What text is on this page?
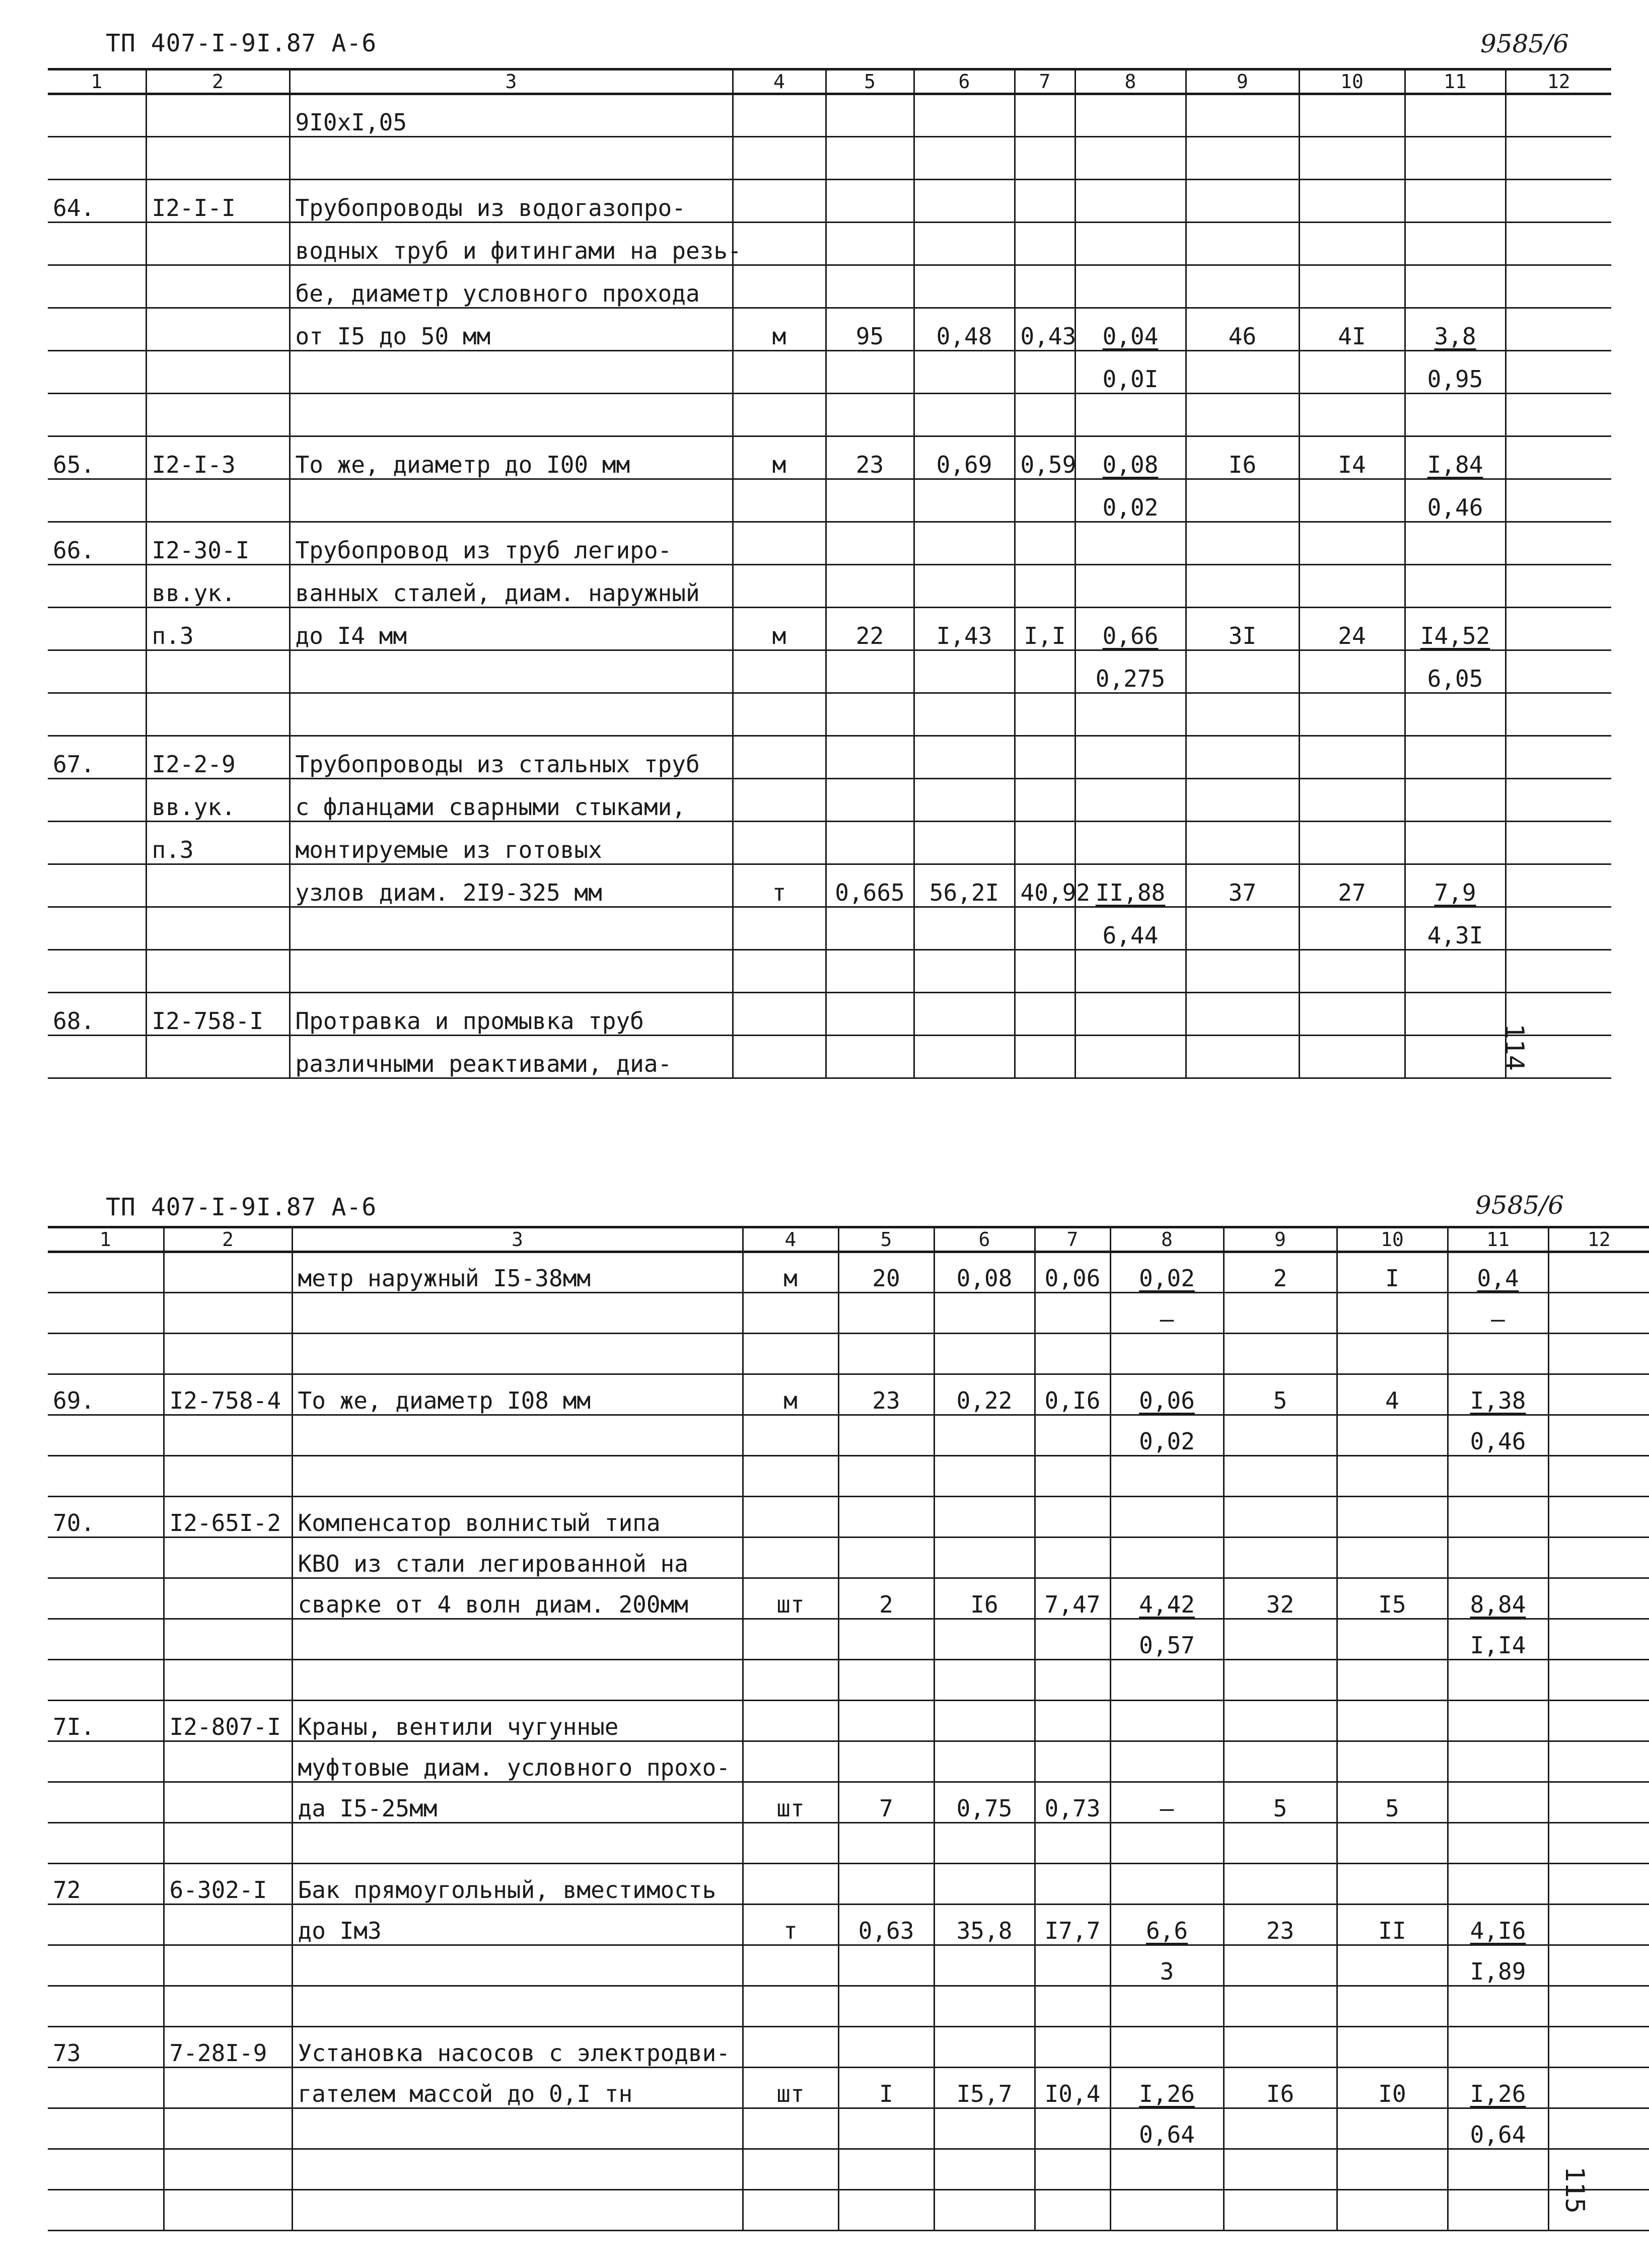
ТП 407-I-9I.87 А-6	9585/6
1	2	3	4	5	6	7	8	9	10	11	12
		9I0xI,05									

64.	I2-I-I	Трубопроводы из водогазопро-									
		водных труб и фитингами на резь-									
		бе, диаметр условного прохода									
		от I5 до 50 мм	м	95	0,48	0,43	0,04	46	4I	3,8	
							0,0I			0,95	

65.	I2-I-3	То же, диаметр до I00 мм	м	23	0,69	0,59	0,08	I6	I4	I,84	
							0,02			0,46	
66.	I2-30-I	Трубопровод из труб легиро-									
	вв.ук.	ванных сталей, диам. наружный									
	п.3	до I4 мм	м	22	I,43	I,I	0,66	3I	24	I4,52	
							0,275			6,05	

67.	I2-2-9	Трубопроводы из стальных труб									
	вв.ук.	с фланцами сварными стыками,									
	п.3	монтируемые из готовых									
		узлов диам. 2I9-325 мм	т	0,665	56,2I	40,92	II,88	37	27	7,9	
							6,44			4,3I	

68.	I2-758-I	Протравка и промывка труб									
		различными реактивами, диа-										114
ТП 407-I-9I.87 А-6	9585/6
1	2	3	4	5	6	7	8	9	10	11	12
		метр наружный I5-38мм	м	20	0,08	0,06	0,02	2	I	0,4	
							–			–	

69.	I2-758-4	То же, диаметр I08 мм	м	23	0,22	0,I6	0,06	5	4	I,38	
							0,02			0,46	

70.	I2-65I-2	Компенсатор волнистый типа									
		КВО из стали легированной на									
		сварке от 4 волн диам. 200мм	шт	2	I6	7,47	4,42	32	I5	8,84	
							0,57			I,I4	

7I.	I2-807-I	Краны, вентили чугунные									
		муфтовые диам. условного прохо-									
		да I5-25мм	шт	7	0,75	0,73	–	5	5		

72	6-302-I	Бак прямоугольный, вместимость									
		до Iм3	т	0,63	35,8	I7,7	6,6	23	II	4,I6	
							3			I,89	

73	7-28I-9	Установка насосов с электродви-									
		гателем массой до 0,I тн	шт	I	I5,7	I0,4	I,26	I6	I0	I,26	
							0,64			0,64	

115
